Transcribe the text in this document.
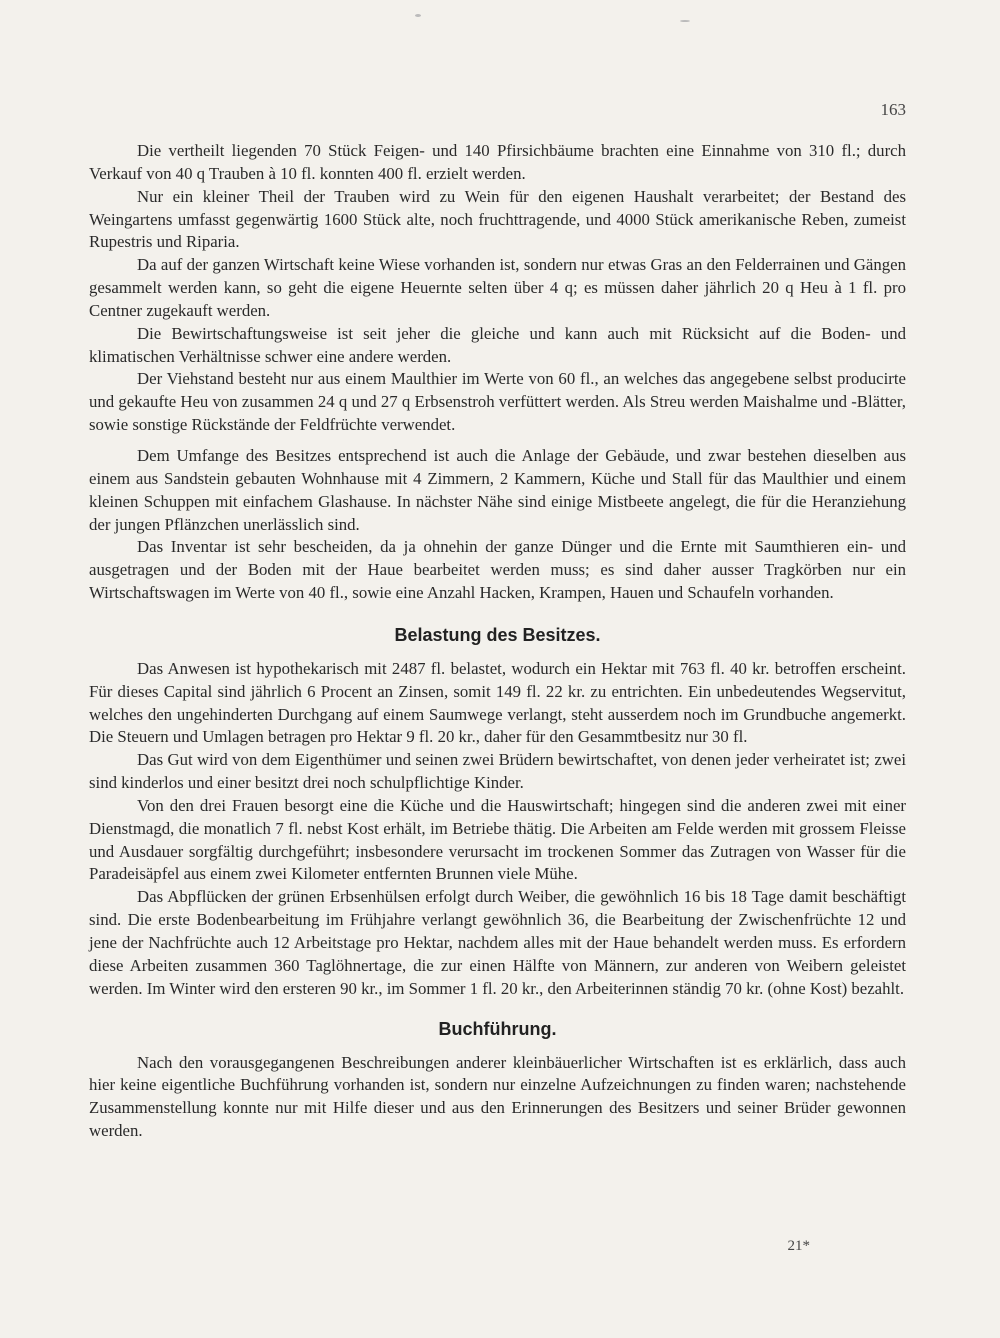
163

Die vertheilt liegenden 70 Stück Feigen- und 140 Pfirsichbäume brachten eine Einnahme von 310 fl.; durch Verkauf von 40 q Trauben à 10 fl. konnten 400 fl. erzielt werden.

Nur ein kleiner Theil der Trauben wird zu Wein für den eigenen Haushalt verarbeitet; der Bestand des Weingartens umfasst gegenwärtig 1600 Stück alte, noch fruchttragende, und 4000 Stück amerikanische Reben, zumeist Rupestris und Riparia.

Da auf der ganzen Wirtschaft keine Wiese vorhanden ist, sondern nur etwas Gras an den Felderrainen und Gängen gesammelt werden kann, so geht die eigene Heuernte selten über 4 q; es müssen daher jährlich 20 q Heu à 1 fl. pro Centner zugekauft werden.

Die Bewirtschaftungsweise ist seit jeher die gleiche und kann auch mit Rücksicht auf die Boden- und klimatischen Verhältnisse schwer eine andere werden.

Der Viehstand besteht nur aus einem Maulthier im Werte von 60 fl., an welches das angegebene selbst producirte und gekaufte Heu von zusammen 24 q und 27 q Erbsenstroh verfüttert werden. Als Streu werden Maishalme und -Blätter, sowie sonstige Rückstände der Feldfrüchte verwendet.

Dem Umfange des Besitzes entsprechend ist auch die Anlage der Gebäude, und zwar bestehen dieselben aus einem aus Sandstein gebauten Wohnhause mit 4 Zimmern, 2 Kammern, Küche und Stall für das Maulthier und einem kleinen Schuppen mit einfachem Glashause. In nächster Nähe sind einige Mistbeete angelegt, die für die Heranziehung der jungen Pflänzchen unerlässlich sind.

Das Inventar ist sehr bescheiden, da ja ohnehin der ganze Dünger und die Ernte mit Saumthieren ein- und ausgetragen und der Boden mit der Haue bearbeitet werden muss; es sind daher ausser Tragkörben nur ein Wirtschaftswagen im Werte von 40 fl., sowie eine Anzahl Hacken, Krampen, Hauen und Schaufeln vorhanden.

Belastung des Besitzes.

Das Anwesen ist hypothekarisch mit 2487 fl. belastet, wodurch ein Hektar mit 763 fl. 40 kr. betroffen erscheint. Für dieses Capital sind jährlich 6 Procent an Zinsen, somit 149 fl. 22 kr. zu entrichten. Ein unbedeutendes Wegservitut, welches den ungehinderten Durchgang auf einem Saumwege verlangt, steht ausserdem noch im Grundbuche angemerkt. Die Steuern und Umlagen betragen pro Hektar 9 fl. 20 kr., daher für den Gesammtbesitz nur 30 fl.

Das Gut wird von dem Eigenthümer und seinen zwei Brüdern bewirtschaftet, von denen jeder verheiratet ist; zwei sind kinderlos und einer besitzt drei noch schulpflichtige Kinder.

Von den drei Frauen besorgt eine die Küche und die Hauswirtschaft; hingegen sind die anderen zwei mit einer Dienstmagd, die monatlich 7 fl. nebst Kost erhält, im Betriebe thätig. Die Arbeiten am Felde werden mit grossem Fleisse und Ausdauer sorgfältig durchgeführt; insbesondere verursacht im trockenen Sommer das Zutragen von Wasser für die Paradeisäpfel aus einem zwei Kilometer entfernten Brunnen viele Mühe.

Das Abpflücken der grünen Erbsenhülsen erfolgt durch Weiber, die gewöhnlich 16 bis 18 Tage damit beschäftigt sind. Die erste Bodenbearbeitung im Frühjahre verlangt gewöhnlich 36, die Bearbeitung der Zwischenfrüchte 12 und jene der Nachfrüchte auch 12 Arbeitstage pro Hektar, nachdem alles mit der Haue behandelt werden muss. Es erfordern diese Arbeiten zusammen 360 Taglöhnertage, die zur einen Hälfte von Männern, zur anderen von Weibern geleistet werden. Im Winter wird den ersteren 90 kr., im Sommer 1 fl. 20 kr., den Arbeiterinnen ständig 70 kr. (ohne Kost) bezahlt.

Buchführung.

Nach den vorausgegangenen Beschreibungen anderer kleinbäuerlicher Wirtschaften ist es erklärlich, dass auch hier keine eigentliche Buchführung vorhanden ist, sondern nur einzelne Aufzeichnungen zu finden waren; nachstehende Zusammenstellung konnte nur mit Hilfe dieser und aus den Erinnerungen des Besitzers und seiner Brüder gewonnen werden.

21*
